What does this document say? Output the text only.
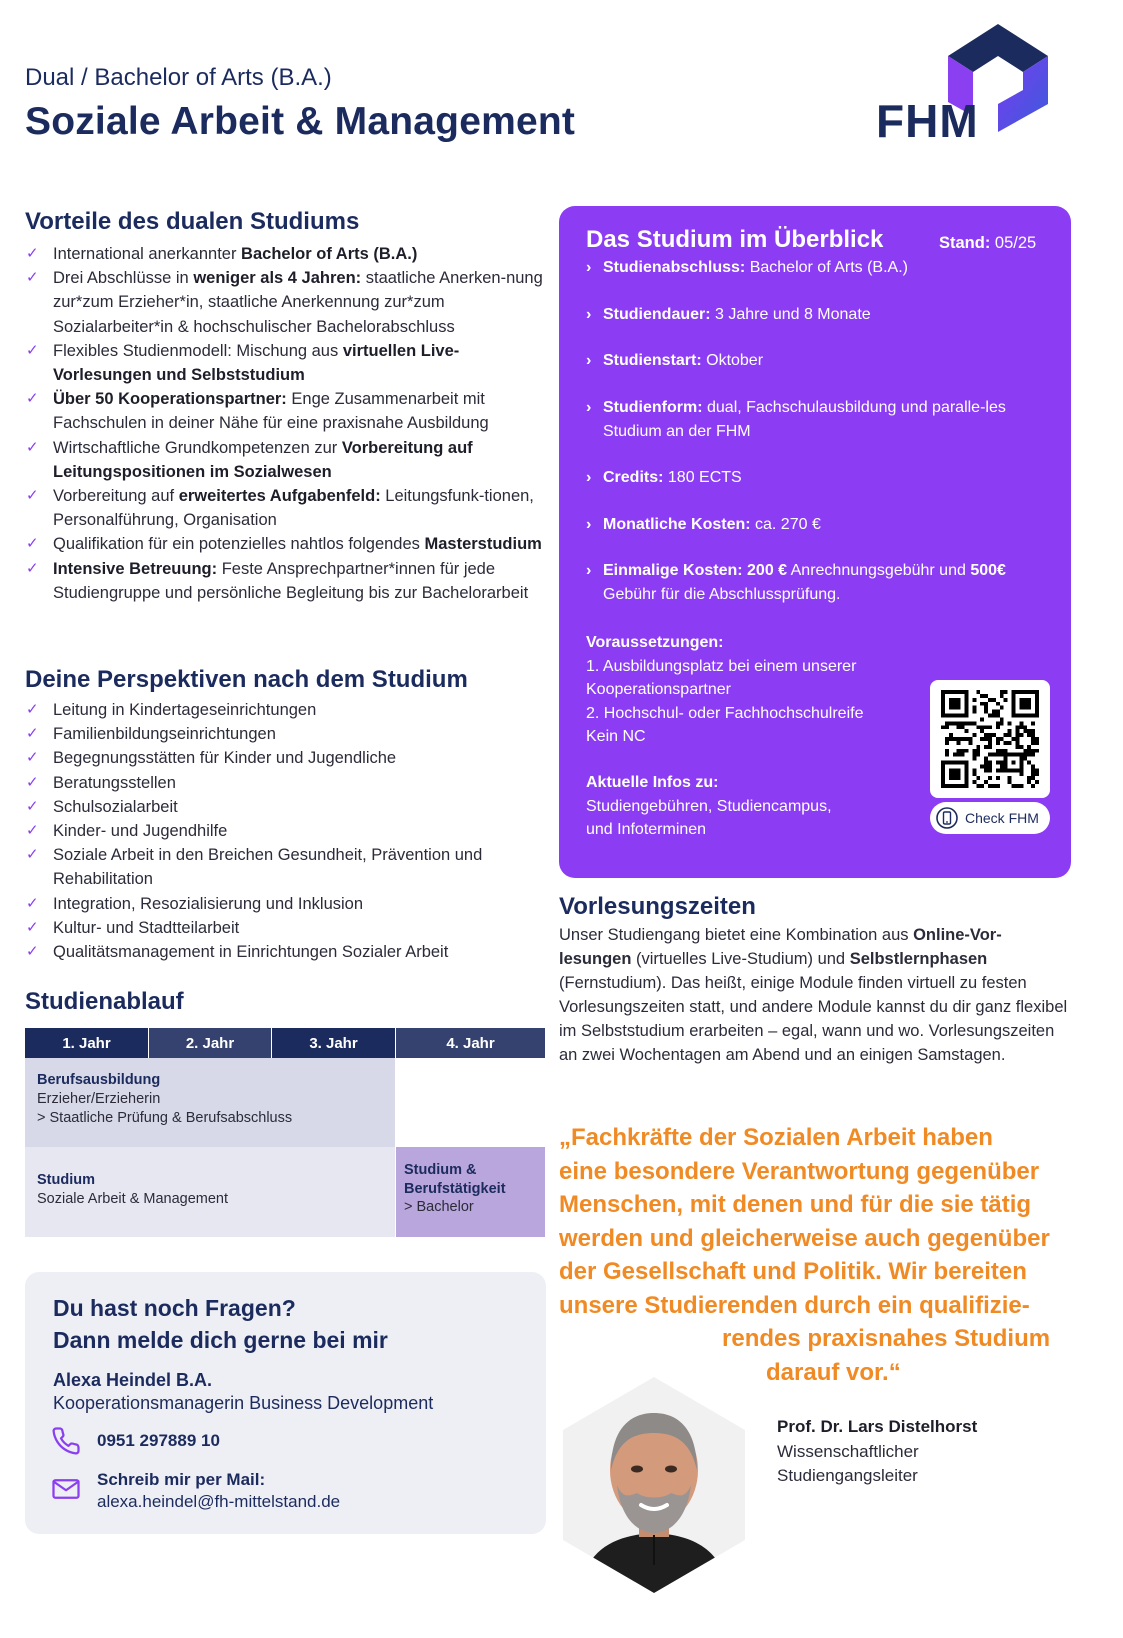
Dual / Bachelor of Arts (B.A.)
Soziale Arbeit & Management	FHM
Vorteile des dualen Studiums
✓ International anerkannter Bachelor of Arts (B.A.)
✓ Drei Abschlüsse in weniger als 4 Jahren: staatliche Anerken-nung zur*zum Erzieher*in, staatliche Anerkennung zur*zum Sozialarbeiter*in & hochschulischer Bachelorabschluss
✓ Flexibles Studienmodell: Mischung aus virtuellen Live-Vorlesungen und Selbststudium
✓ Über 50 Kooperationspartner: Enge Zusammenarbeit mit Fachschulen in deiner Nähe für eine praxisnahe Ausbildung
✓ Wirtschaftliche Grundkompetenzen zur Vorbereitung auf Leitungspositionen im Sozialwesen
✓ Vorbereitung auf erweitertes Aufgabenfeld: Leitungsfunk-tionen, Personalführung, Organisation
✓ Qualifikation für ein potenzielles nahtlos folgendes Masterstudium
✓ Intensive Betreuung: Feste Ansprechpartner*innen für jede Studiengruppe und persönliche Begleitung bis zur Bachelorarbeit
Deine Perspektiven nach dem Studium
✓ Leitung in Kindertageseinrichtungen
✓ Familienbildungseinrichtungen
✓ Begegnungsstätten für Kinder und Jugendliche
✓ Beratungsstellen
✓ Schulsozialarbeit
✓ Kinder- und Jugendhilfe
✓ Soziale Arbeit in den Breichen Gesundheit, Prävention und Rehabilitation
✓ Integration, Resozialisierung und Inklusion
✓ Kultur- und Stadtteilarbeit
✓ Qualitätsmanagement in Einrichtungen Sozialer Arbeit
Studienablauf
1. Jahr	2. Jahr	3. Jahr	4. Jahr
Berufsausbildung
Erzieher/Erzieherin
> Staatliche Prüfung & Berufsabschluss
Studium
Soziale Arbeit & Management
Studium & Berufstätigkeit
> Bachelor
Du hast noch Fragen?
Dann melde dich gerne bei mir
Alexa Heindel B.A.
Kooperationsmanagerin Business Development
0951 297889 10
Schreib mir per Mail:
alexa.heindel@fh-mittelstand.de
Das Studium im Überblick	Stand: 05/25
› Studienabschluss: Bachelor of Arts (B.A.)
› Studiendauer: 3 Jahre und 8 Monate
› Studienstart: Oktober
› Studienform: dual, Fachschulausbildung und paralle-les Studium an der FHM
› Credits: 180 ECTS
› Monatliche Kosten: ca. 270 €
› Einmalige Kosten: 200 € Anrechnungsgebühr und 500€ Gebühr für die Abschlussprüfung.
Voraussetzungen:
1. Ausbildungsplatz bei einem unserer Kooperationspartner
2. Hochschul- oder Fachhochschulreife
Kein NC
Aktuelle Infos zu:
Studiengebühren, Studiencampus,
und Infoterminen
Check FHM
Vorlesungszeiten

Unser Studiengang bietet eine Kombination aus Online-Vor-lesungen (virtuelles Live-Studium) und Selbstlernphasen (Fernstudium). Das heißt, einige Module finden virtuell zu festen Vorlesungszeiten statt, und andere Module kannst du dir ganz flexibel im Selbststudium erarbeiten – egal, wann und wo. Vorlesungszeiten an zwei Wochentagen am Abend und an einigen Samstagen.

„Fachkräfte der Sozialen Arbeit haben
eine besondere Verantwortung gegenüber
Menschen, mit denen und für die sie tätig
werden und gleicherweise auch gegenüber
der Gesellschaft und Politik. Wir bereiten
unsere Studierenden durch ein qualifizie-
rendes praxisnahes Studium
darauf vor.“
Prof. Dr. Lars Distelhorst
Wissenschaftlicher
Studiengangsleiter
